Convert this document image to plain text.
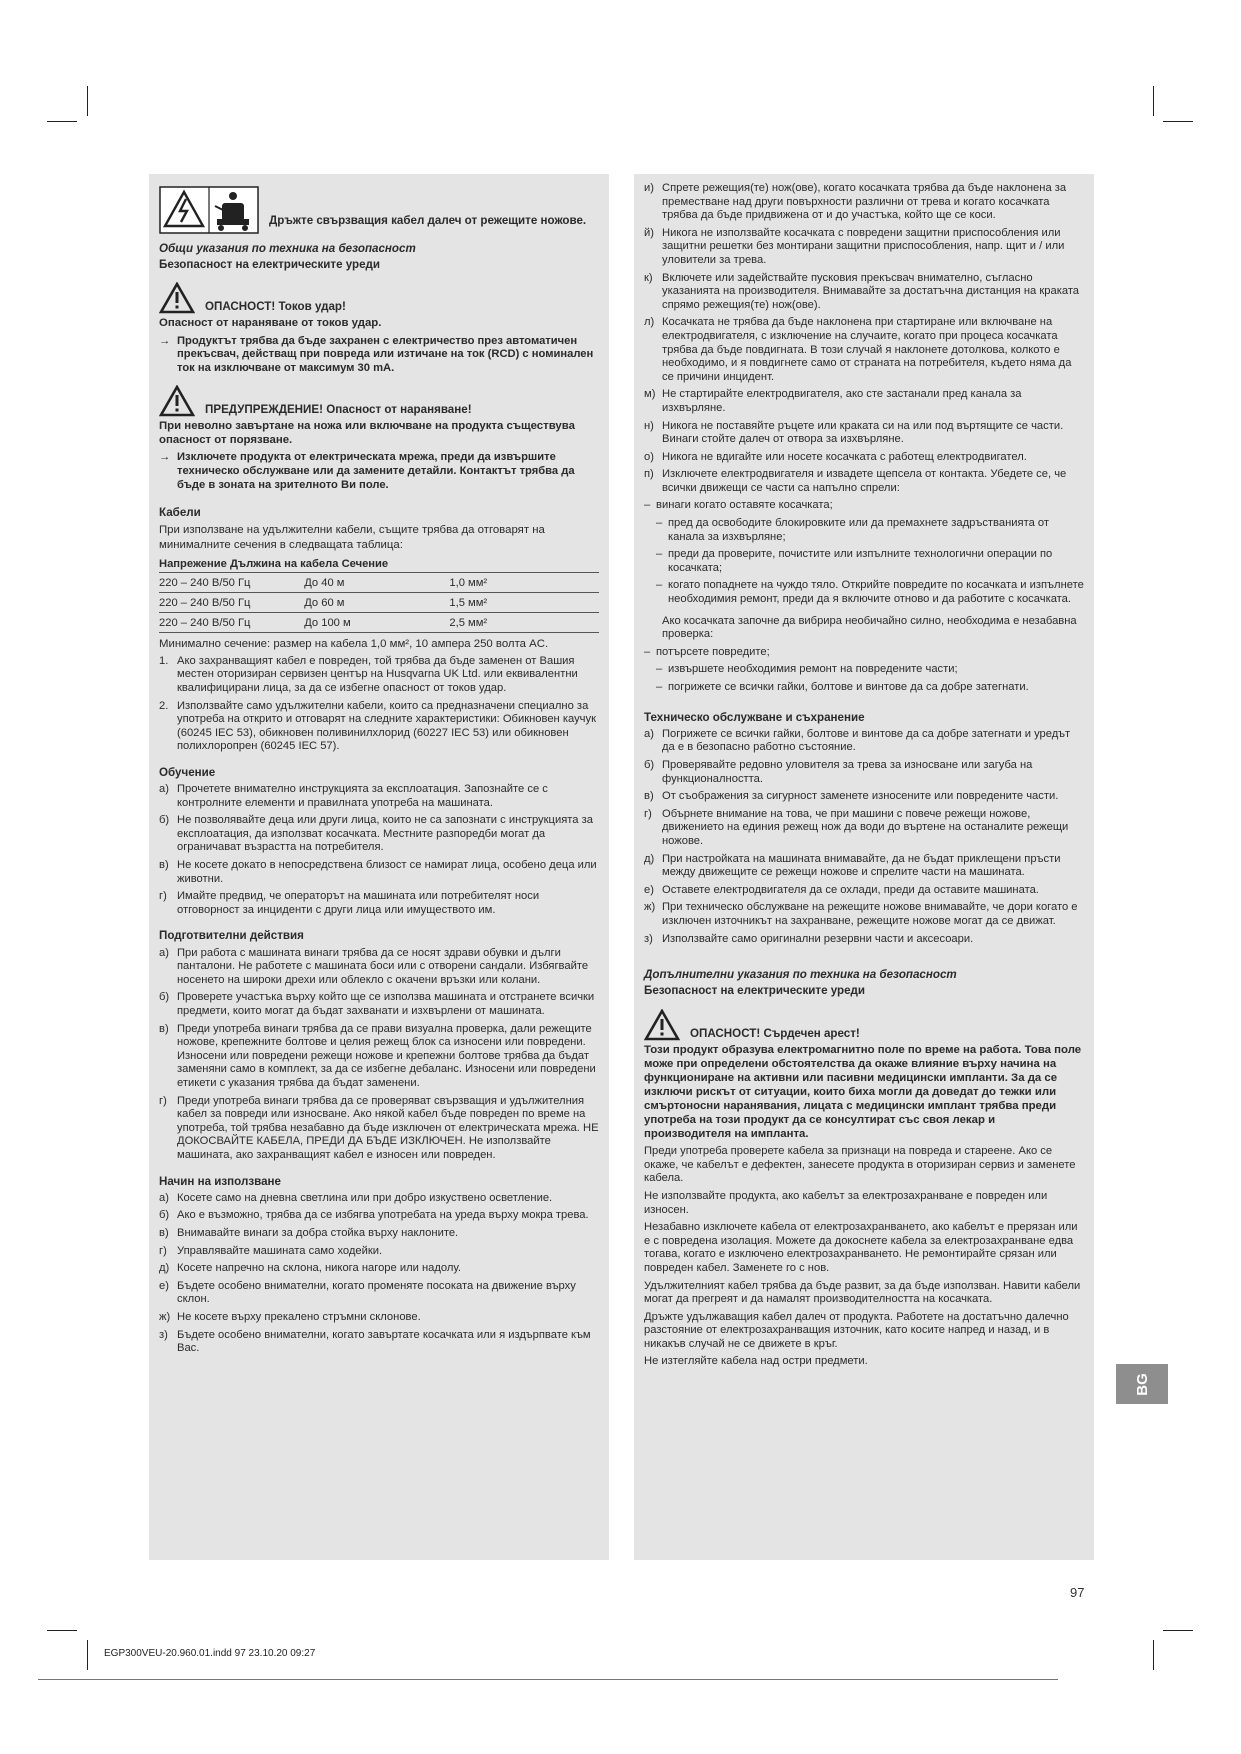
Дръжте свързващия кабел далеч от режещите ножове.
Общи указания по техника на безопасност
Безопасност на електрическите уреди
ОПАСНОСТ! Токов удар!
Опасност от нараняване от токов удар.
→ Продуктът трябва да бъде захранен с електричество през автоматичен прекъсвач, действащ при повреда или изтичане на ток (RCD) с номинален ток на изключване от максимум 30 mA.
ПРЕДУПРЕЖДЕНИЕ! Опасност от нараняване!
При неволно завъртане на ножа или включване на продукта съществува опасност от порязване.
→ Изключете продукта от електрическата мрежа, преди да извършите техническо обслужване или да замените детайли. Контактът трябва да бъде в зоната на зрителното Ви поле.
Кабели
При използване на удължителни кабели, същите трябва да отговарят на минималните сечения в следващата таблица:
Напрежение Дължина на кабела Сечение		
220 – 240 В/50 Гц	До 40 м	1,0 мм²
220 – 240 В/50 Гц	До 60 м	1,5 мм²
220 – 240 В/50 Гц	До 100 м	2,5 мм²
Минимално сечение: размер на кабела 1,0 мм², 10 ампера 250 волта AC.
1. Ако захранващият кабел е повреден, той трябва да бъде заменен от Вашия местен оторизиран сервизен център на Husqvarna UK Ltd. или еквивалентни квалифицирани лица, за да се избегне опасност от токов удар.
2. Използвайте само удължителни кабели, които са предназначени специално за употреба на открито и отговарят на следните характеристики: Обикновен каучук (60245 IEC 53), обикновен поливинилхлорид (60227 IEC 53) или обикновен полихлоропрен (60245 IEC 57).
Обучение
а) Прочетете внимателно инструкцията за експлоатация. Запознайте се с контролните елементи и правилната употреба на машината.
б) Не позволявайте деца или други лица, които не са запознати с инструкцията за експлоатация, да използват косачката. Местните разпоредби могат да ограничават възрастта на потребителя.
в) Не косете докато в непосредствена близост се намират лица, особено деца или животни.
г) Имайте предвид, че операторът на машината или потребителят носи отговорност за инциденти с други лица или имуществото им.
Подготвителни действия
а) При работа с машината винаги трябва да се носят здрави обувки и дълги панталони. Не работете с машината боси или с отворени сандали. Избягвайте носенето на широки дрехи или облекло с окачени връзки или колани.
б) Проверете участъка върху който ще се използва машината и отстранете всички предмети, които могат да бъдат захванати и изхвърлени от машината.
в) Преди употреба винаги трябва да се прави визуална проверка, дали режещите ножове, крепежните болтове и целия режещ блок са износени или повредени. Износени или повредени режещи ножове и крепежни болтове трябва да бъдат заменяни само в комплект, за да се избегне дебаланс. Износени или повредени етикети с указания трябва да бъдат заменени.
г) Преди употреба винаги трябва да се проверяват свързващия и удължителния кабел за повреди или износване. Ако някой кабел бъде повреден по време на употреба, той трябва незабавно да бъде изключен от електрическата мрежа. НЕ ДОКОСВАЙТЕ КАБЕЛА, ПРЕДИ ДА БЪДЕ ИЗКЛЮЧЕН. Не използвайте машината, ако захранващият кабел е износен или повреден.
Начин на използване
а) Косете само на дневна светлина или при добро изкуствено осветление.
б) Ако е възможно, трябва да се избягва употребата на уреда върху мокра трева.
в) Внимавайте винаги за добра стойка върху наклоните.
г) Управлявайте машината само ходейки.
д) Косете напречно на склона, никога нагоре или надолу.
е) Бъдете особено внимателни, когато променяте посоката на движение върху склон.
ж) Не косете върху прекалено стръмни склонове.
з) Бъдете особено внимателни, когато завъртате косачката или я издърпвате към Вас.
и) Спрете режещия(те) нож(ове), когато косачката трябва да бъде наклонена за преместване над други повърхности различни от трева и когато косачката трябва да бъде придвижена от и до участъка, който ще се коси.
й) Никога не използвайте косачката с повредени защитни приспособления или защитни решетки без монтирани защитни приспособления, напр. щит и / или уловители за трева.
к) Включете или задействайте пусковия прекъсвач внимателно, съгласно указанията на производителя. Внимавайте за достатъчна дистанция на краката спрямо режещия(те) нож(ове).
л) Косачката не трябва да бъде наклонена при стартиране или включване на електродвигателя, с изключение на случаите, когато при процеса косачката трябва да бъде повдигната. В този случай я наклонете дотолкова, колкото е необходимо, и я повдигнете само от страната на потребителя, където няма да се причини инцидент.
м) Не стартирайте електродвигателя, ако сте застанали пред канала за изхвърляне.
н) Никога не поставяйте ръцете или краката си на или под въртящите се части. Винаги стойте далеч от отвора за изхвърляне.
о) Никога не вдигайте или носете косачката с работещ електродвигател.
п) Изключете електродвигателя и извадете щепсела от контакта. Убедете се, че всички движещи се части са напълно спрели:
– винаги когато оставяте косачката;
– пред да освободите блокировките или да премахнете задръстванията от канала за изхвърляне;
– преди да проверите, почистите или изпълните технологични операции по косачката;
– когато попаднете на чуждо тяло. Открийте повредите по косачката и изпълнете необходимия ремонт, преди да я включите отново и да работите с косачката.
Ако косачката започне да вибрира необичайно силно, необходима е незабавна проверка:
– потърсете повредите;
– извършете необходимия ремонт на повредените части;
– погрижете се всички гайки, болтове и винтове да са добре затегнати.
Техническо обслужване и съхранение
а) Погрижете се всички гайки, болтове и винтове да са добре затегнати и уредът да е в безопасно работно състояние.
б) Проверявайте редовно уловителя за трева за износване или загуба на функционалността.
в) От съображения за сигурност заменете износените или повредените части.
г) Обърнете внимание на това, че при машини с повече режещи ножове, движението на единия режещ нож да води до въртене на останалите режещи ножове.
д) При настройката на машината внимавайте, да не бъдат приклещени пръсти между движещите се режещи ножове и спрелите части на машината.
е) Оставете електродвигателя да се охлади, преди да оставите машината.
ж) При техническо обслужване на режещите ножове внимавайте, че дори когато е изключен източникът на захранване, режещите ножове могат да се движат.
з) Използвайте само оригинални резервни части и аксесоари.
Допълнителни указания по техника на безопасност
Безопасност на електрическите уреди
ОПАСНОСТ! Сърдечен арест!
Този продукт образува електромагнитно поле по време на работа. Това поле може при определени обстоятелства да окаже влияние върху начина на функциониране на активни или пасивни медицински импланти. За да се изключи рискът от ситуации, които биха могли да доведат до тежки или смъртоносни наранявания, лицата с медицински имплант трябва преди употреба на този продукт да се консултират със своя лекар и производителя на импланта.
Преди употреба проверете кабела за признаци на повреда и стареене. Ако се окаже, че кабелът е дефектен, занесете продукта в оторизиран сервиз и заменете кабела.
Не използвайте продукта, ако кабелът за електрозахранване е повреден или износен.
Незабавно изключете кабела от електрозахранването, ако кабелът е прерязан или е с повредена изолация. Можете да докоснете кабела за електрозахранване едва тогава, когато е изключено електрозахранването. Не ремонтирайте срязан или повреден кабел. Заменете го с нов.
Удължителният кабел трябва да бъде развит, за да бъде използван. Навити кабели могат да прегреят и да намалят производителността на косачката.
Дръжте удължаващия кабел далеч от продукта. Работете на достатъчно далечно разстояние от електрозахранващия източник, като косите напред и назад, и в никакъв случай не се движете в кръг.
Не изтегляйте кабела над остри предмети.
BG
97
EGP300VEU-20.960.01.indd 97 23.10.20 09:27
